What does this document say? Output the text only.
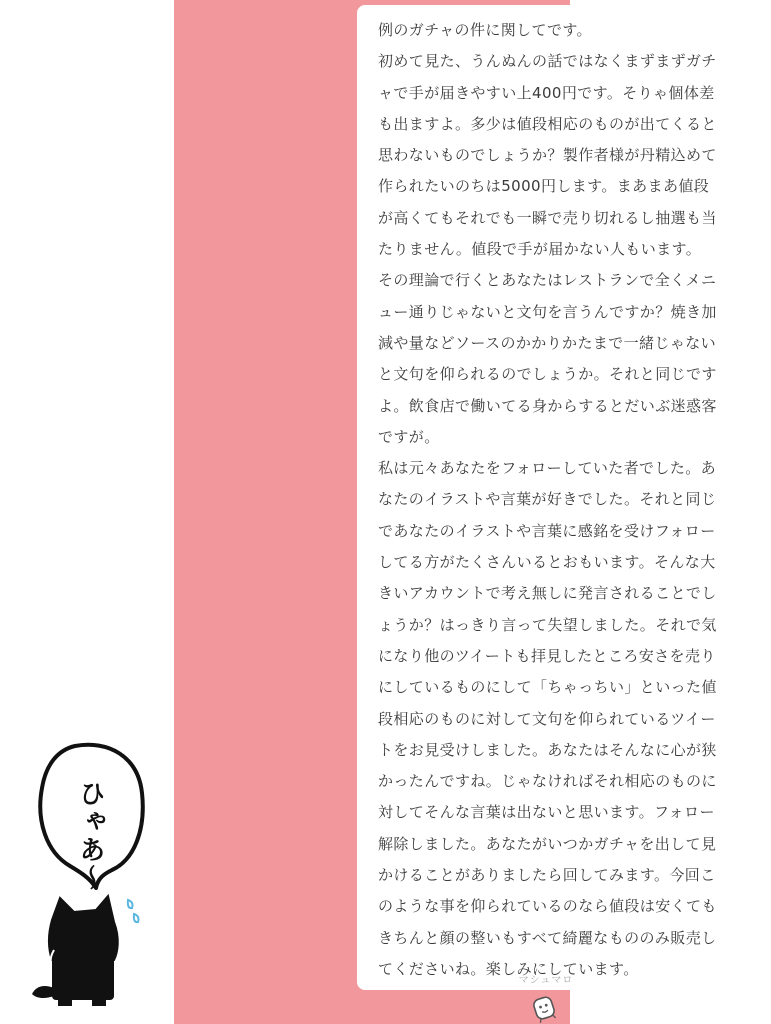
例のガチャの件に関してです。

初めて見た、うんぬんの話ではなくまずまずガチャで手が届きやすい上400円です。そりゃ個体差も出ますよ。多少は値段相応のものが出てくると思わないものでしょうか？製作者様が丹精込めて作られたいのちは5000円します。まあまあ値段が高くてもそれでも一瞬で売り切れるし抽選も当たりません。値段で手が届かない人もいます。

その理論で行くとあなたはレストランで全くメニュー通りじゃないと文句を言うんですか？焼き加減や量などソースのかかりかたまで一緒じゃないと文句を仰られるのでしょうか。それと同じですよ。飲食店で働いてる身からするとだいぶ迷惑客ですが。

私は元々あなたをフォローしていた者でした。あなたのイラストや言葉が好きでした。それと同じであなたのイラストや言葉に感銘を受けフォローしてる方がたくさんいるとおもいます。そんな大きいアカウントで考え無しに発言されることでしょうか？はっきり言って失望しました。それで気になり他のツイートも拝見したところ安さを売りにしているものにして「ちゃっちい」といった値段相応のものに対して文句を仰られているツイートをお見受けしました。あなたはそんなに心が狭かったんですね。じゃなければそれ相応のものに対してそんな言葉は出ないと思います。フォロー解除しました。あなたがいつかガチャを出して見かけることがありましたら回してみます。今回このような事を仰られているのなら値段は安くてもきちんと顔の整いもすべて綺麗なもののみ販売してくださいね。楽しみにしています。

マシュマロ
ひゃあ〜
